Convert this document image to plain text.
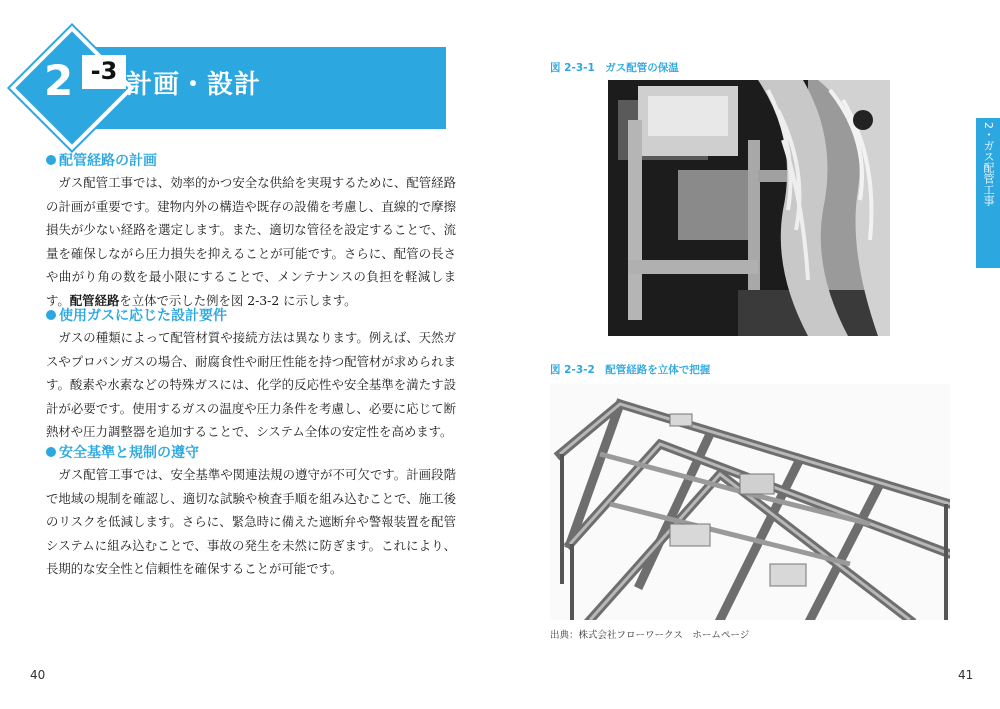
2 -3 計画・設計
配管経路の計画
ガス配管工事では、効率的かつ安全な供給を実現するために、配管経路の計画が重要です。建物内外の構造や既存の設備を考慮し、直線的で摩擦損失が少ない経路を選定します。また、適切な管径を設定することで、流量を確保しながら圧力損失を抑えることが可能です。さらに、配管の長さや曲がり角の数を最小限にすることで、メンテナンスの負担を軽減します。配管経路を立体で示した例を図 2-3-2 に示します。
使用ガスに応じた設計要件
ガスの種類によって配管材質や接続方法は異なります。例えば、天然ガスやプロパンガスの場合、耐腐食性や耐圧性能を持つ配管材が求められます。酸素や水素などの特殊ガスには、化学的反応性や安全基準を満たす設計が必要です。使用するガスの温度や圧力条件を考慮し、必要に応じて断熱材や圧力調整器を追加することで、システム全体の安定性を高めます。
安全基準と規制の遵守
ガス配管工事では、安全基準や関連法規の遵守が不可欠です。計画段階で地域の規制を確認し、適切な試験や検査手順を組み込むことで、施工後のリスクを低減します。さらに、緊急時に備えた遮断弁や警報装置を配管システムに組み込むことで、事故の発生を未然に防ぎます。これにより、長期的な安全性と信頼性を確保することが可能です。
40
図 2-3-1　ガス配管の保温
図 2-3-2　配管経路を立体で把握
出典：株式会社フローワークス　ホームページ
2・ガス配管工事
41
